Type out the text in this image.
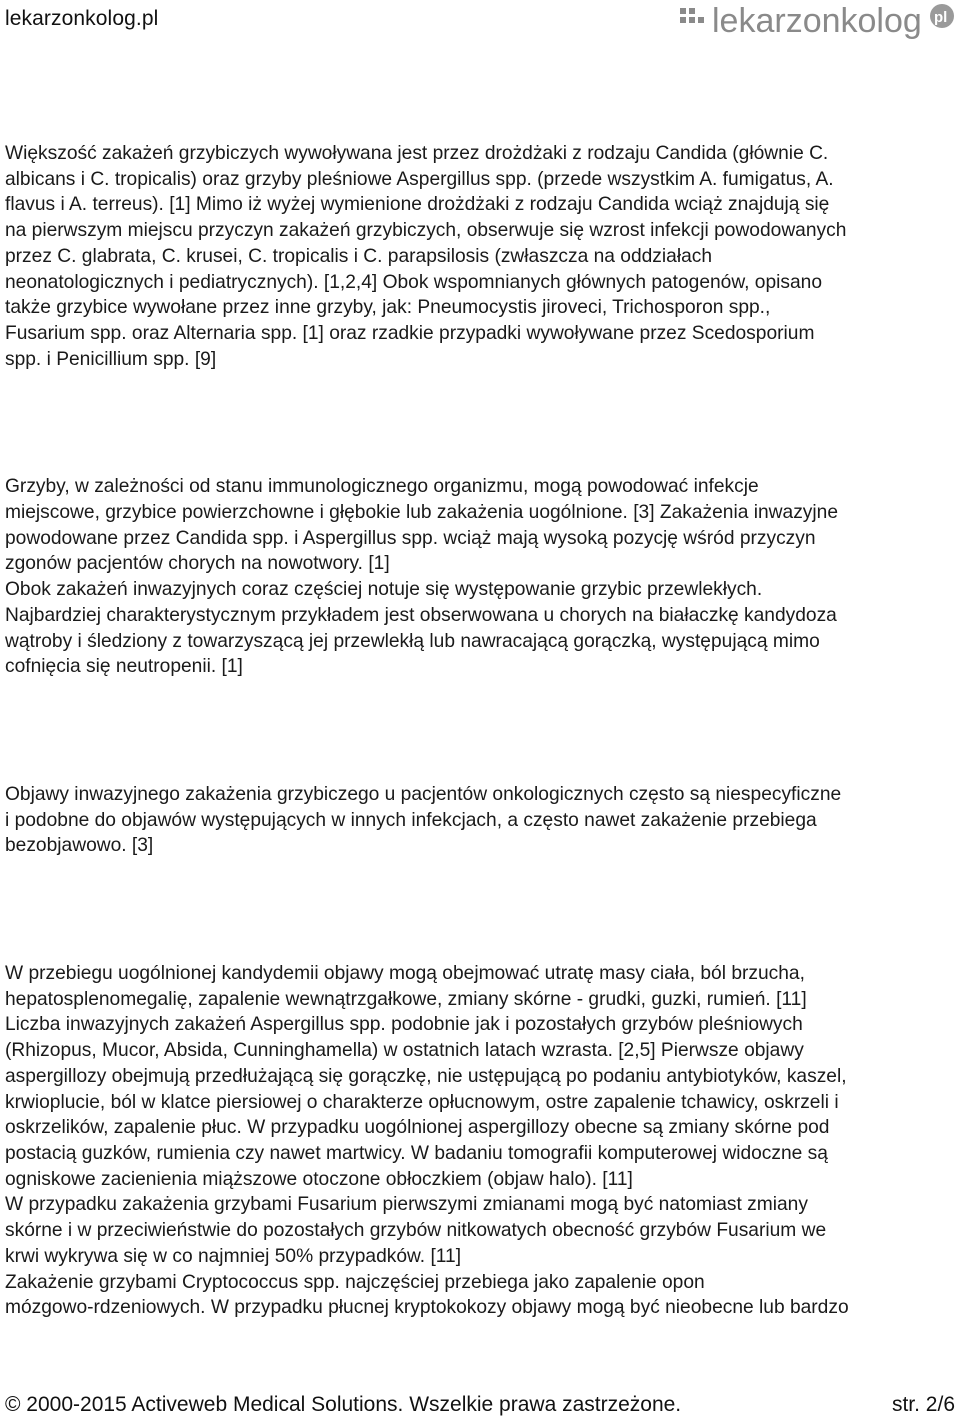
lekarzonkolog.pl	lekarzonkolog pl

Większość zakażeń grzybiczych wywoływana jest przez drożdżaki z rodzaju Candida (głównie C.

albicans i C. tropicalis) oraz grzyby pleśniowe Aspergillus spp. (przede wszystkim A. fumigatus, A.

flavus i A. terreus). [1] Mimo iż wyżej wymienione drożdżaki z rodzaju Candida wciąż znajdują się

na pierwszym miejscu przyczyn zakażeń grzybiczych, obserwuje się wzrost infekcji powodowanych

przez C. glabrata, C. krusei, C. tropicalis i C. parapsilosis (zwłaszcza na oddziałach

neonatologicznych i pediatrycznych). [1,2,4] Obok wspomnianych głównych patogenów, opisano

także grzybice wywołane przez inne grzyby, jak: Pneumocystis jiroveci, Trichosporon spp.,

Fusarium spp. oraz Alternaria spp. [1] oraz rzadkie przypadki wywoływane przez Scedosporium

spp. i Penicillium spp. [9]

Grzyby, w zależności od stanu immunologicznego organizmu, mogą powodować infekcje

miejscowe, grzybice powierzchowne i głębokie lub zakażenia uogólnione. [3] Zakażenia inwazyjne

powodowane przez Candida spp. i Aspergillus spp. wciąż mają wysoką pozycję wśród przyczyn

zgonów pacjentów chorych na nowotwory. [1]

Obok zakażeń inwazyjnych coraz częściej notuje się występowanie grzybic przewlekłych.

Najbardziej charakterystycznym przykładem jest obserwowana u chorych na białaczkę kandydoza

wątroby i śledziony z towarzyszącą jej przewlekłą lub nawracającą gorączką, występującą mimo

cofnięcia się neutropenii. [1]

Objawy inwazyjnego zakażenia grzybiczego u pacjentów onkologicznych często są niespecyficzne

i podobne do objawów występujących w innych infekcjach, a często nawet zakażenie przebiega

bezobjawowo. [3]

W przebiegu uogólnionej kandydemii objawy mogą obejmować utratę masy ciała, ból brzucha,

hepatosplenomegalię, zapalenie wewnątrzgałkowe, zmiany skórne - grudki, guzki, rumień. [11]

Liczba inwazyjnych zakażeń Aspergillus spp. podobnie jak i pozostałych grzybów pleśniowych

(Rhizopus, Mucor, Absida, Cunninghamella) w ostatnich latach wzrasta. [2,5] Pierwsze objawy

aspergillozy obejmują przedłużającą się gorączkę, nie ustępującą po podaniu antybiotyków, kaszel,

krwioplucie, ból w klatce piersiowej o charakterze opłucnowym, ostre zapalenie tchawicy, oskrzeli i

oskrzelików, zapalenie płuc. W przypadku uogólnionej aspergillozy obecne są zmiany skórne pod

postacią guzków, rumienia czy nawet martwicy. W badaniu tomografii komputerowej widoczne są

ogniskowe zacienienia miąższowe otoczone obłoczkiem (objaw halo). [11]

W przypadku zakażenia grzybami Fusarium pierwszymi zmianami mogą być natomiast zmiany

skórne i w przeciwieństwie do pozostałych grzybów nitkowatych obecność grzybów Fusarium we

krwi wykrywa się w co najmniej 50% przypadków. [11]

Zakażenie grzybami Cryptococcus spp. najczęściej przebiega jako zapalenie opon

mózgowo-rdzeniowych. W przypadku płucnej kryptokokozy objawy mogą być nieobecne lub bardzo

© 2000-2015 Activeweb Medical Solutions. Wszelkie prawa zastrzeżone.	str. 2/6
